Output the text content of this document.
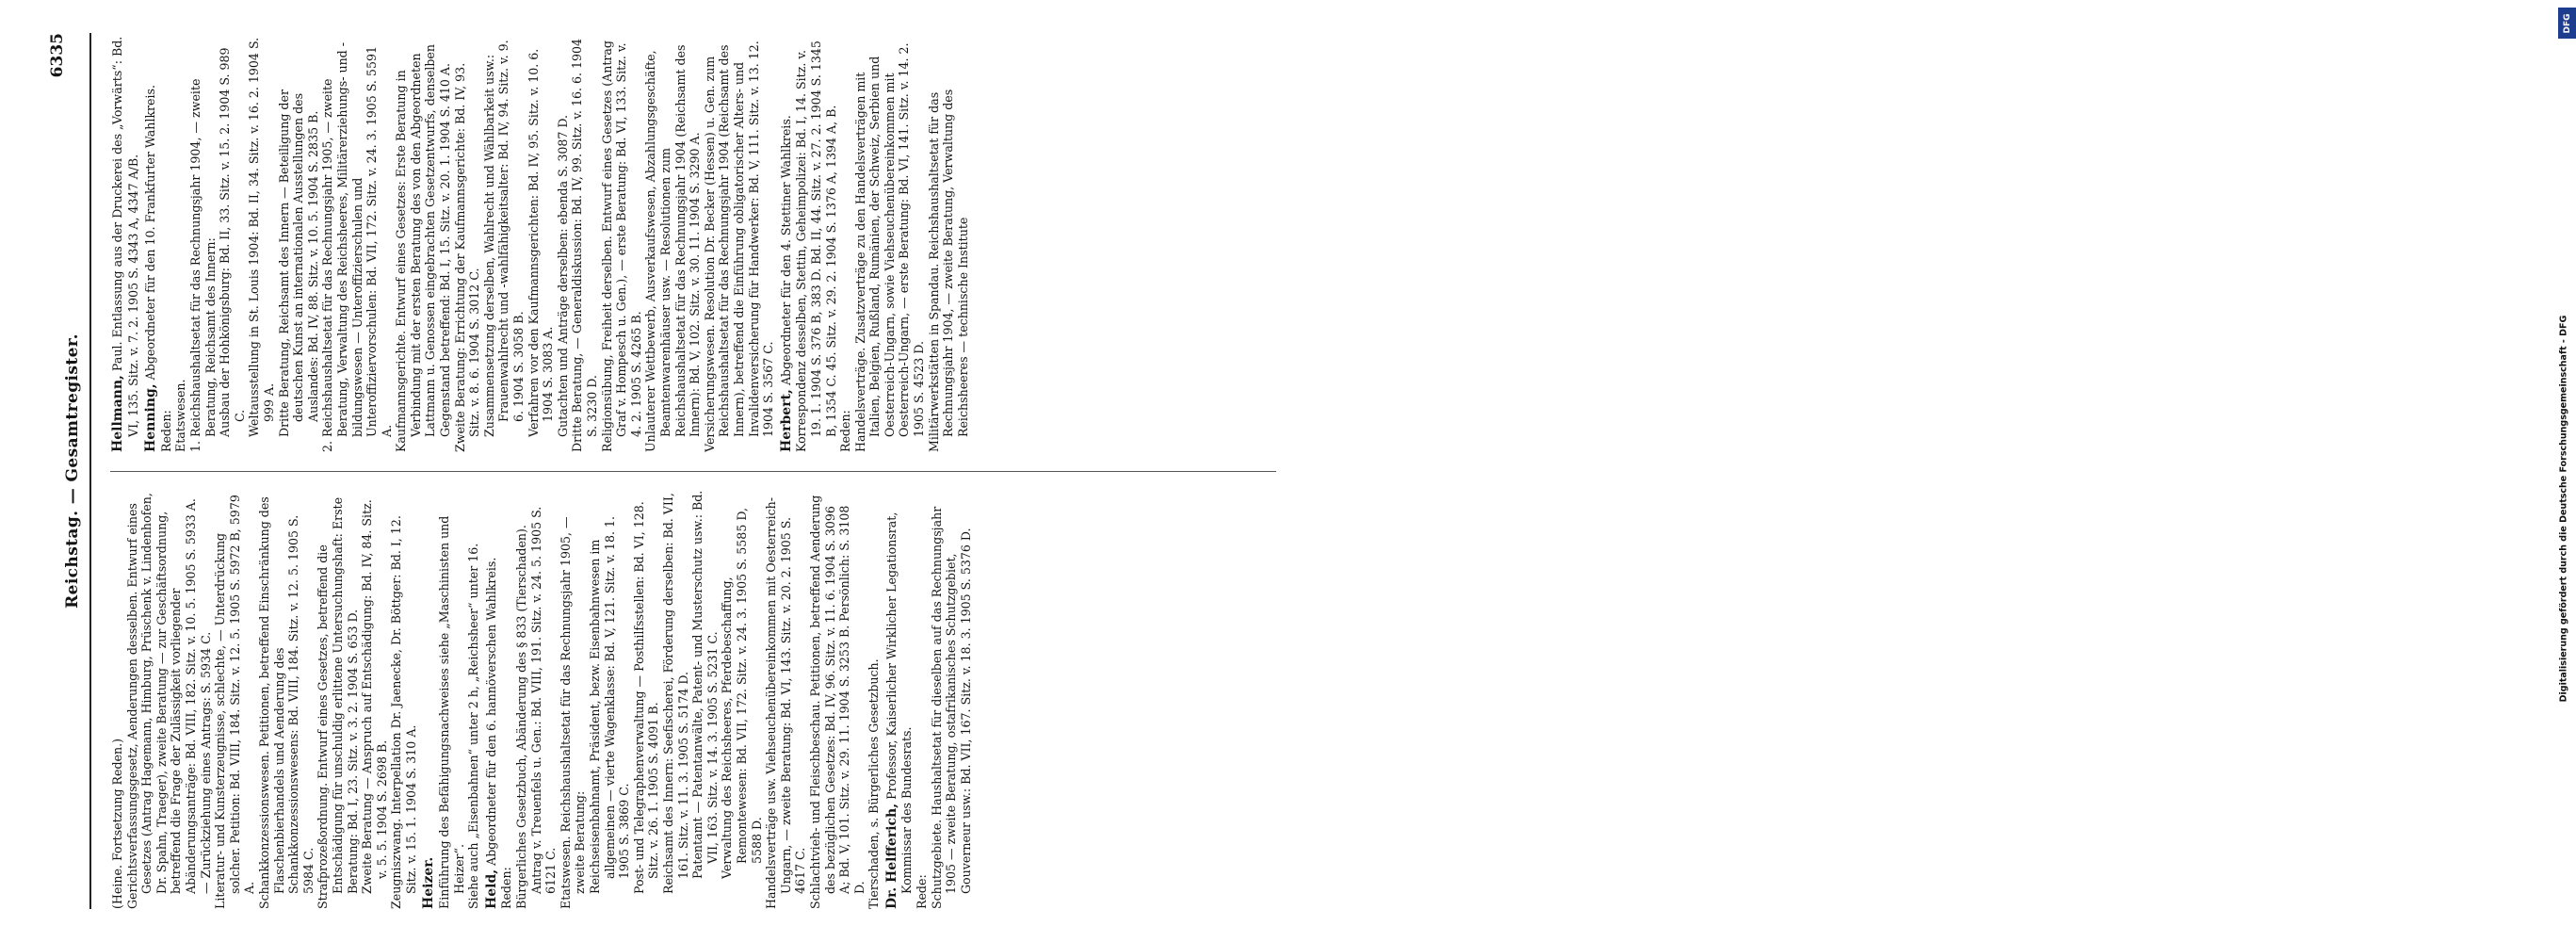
Reichstag. — Gesamtregister.
6335

(Heine. Fortsetzung Reden.) Gerichtsverfassungsgesetz, Aenderungen desselben. Entwurf eines Gesetzes (Antrag Hagemann, Himburg, Prüschenk v. Lindenhofen, Dr. Spahn, Traeger), zweite Beratung — zur Geschäftsordnung, betreffend die Frage der Zulässigkeit vorliegender Abänderungsanträge: Bd. VIII, 182. Sitz. v. 10. 5. 1905 S. 5933 A. — Zurückziehung eines Antrags: S. 5934 C. Literatur- und Kunsterzeugnisse, schlechte, — Unterdrückung solcher. Petition: Bd. VIII, 184. Sitz. v. 12. 5. 1905 S. 5972 B, 5979 A. Schankkonzessionswesen. Petitionen, betreffend Einschränkung des Flaschenbierhandels und Aenderung des Schankkonzessionswesens: Bd. VIII, 184. Sitz. v. 12. 5. 1905 S. 5984 C. Strafprozeßordnung. Entwurf eines Gesetzes, betreffend die Entschädigung für unschuldig erlittene Untersuchungshaft: Erste Beratung: Bd. I, 23. Sitz. v. 3. 2. 1904 S. 653 D. Zweite Beratung — Anspruch auf Entschädigung: Bd. IV, 84. Sitz. v. 5. 5. 1904 S. 2698 B. Zeugniszwang. Interpellation Dr. Jaenecke, Dr. Böttger: Bd. I, 12. Sitz. v. 15. 1. 1904 S. 310 A. Heizer. Einführung des Befähigungsnachweises siehe „Maschinisten und Heizer“. Siehe auch „Eisenbahnen“ unter 2 h, „Reichsheer“ unter 16. Held, Abgeordneter für den 6. hannöverschen Wahlkreis.

Reden: Bürgerliches Gesetzbuch, Abänderung des § 833 (Tierschaden). Antrag v. Treuenfels u. Gen.: Bd. VIII, 191. Sitz. v. 24. 5. 1905 S. 6121 C. Etatswesen. Reichshaushaltsetat für das Rechnungsjahr 1905, — zweite Beratung: Reichseisenbahnamt, Präsident, bezw. Eisenbahnwesen im allgemeinen — vierte Wagenklasse: Bd. V, 121. Sitz. v. 18. 1. 1905 S. 3869 C. Post- und Telegraphenverwaltung — Posthilfsstellen: Bd. VI, 128. Sitz. v. 26. 1. 1905 S. 4091 B. Reichsamt des Innern: Seefischerei, Förderung derselben: Bd. VII, 161. Sitz. v. 11. 3. 1905 S. 5174 D. Patentamt — Patentanwälte, Patent- und Musterschutz usw.: Bd. VII, 163. Sitz. v. 14. 3. 1905 S. 5231 C. Verwaltung des Reichsheeres, Pferdebeschaffung, Remontewesen: Bd. VII, 172. Sitz. v. 24. 3. 1905 S. 5585 D, 5588 D. Handelsverträge usw. Viehseuchenübereinkommen mit Oesterreich-Ungarn, — zweite Beratung: Bd. VI, 143. Sitz. v. 20. 2. 1905 S. 4617 C. Schlachtvieh- und Fleischbeschau. Petitionen, betreffend Aenderung des bezüglichen Gesetzes: Bd. IV, 96. Sitz. v. 11. 6. 1904 S. 3096 A; Bd. V, 101. Sitz. v. 29. 11. 1904 S. 3253 B. Persönlich: S. 3108 D. Tierschaden, s. Bürgerliches Gesetzbuch. Dr. Helfferich, Professor, Kaiserlicher Wirklicher Legationsrat, Kommissar des Bundesrats. Rede: Schutzgebiete. Haushaltsetat für dieselben auf das Rechnungsjahr 1905 — zweite Beratung, ostafrikanisches Schutzgebiet, Gouverneur usw.: Bd. VII, 167. Sitz. v. 18. 3. 1905 S. 5376 D.

Hellmann, Paul. Entlassung aus der Druckerei des „Vorwärts“: Bd. VI, 135. Sitz. v. 7. 2. 1905 S. 4343 A, 4347 A/B. Henning, Abgeordneter für den 10. Frankfurter Wahlkreis.

Reden: Etatswesen. 1. Reichshaushaltsetat für das Rechnungsjahr 1904, — zweite Beratung, Reichsamt des Innern: Ausbau der Hohkönigsburg: Bd. II, 33. Sitz. v. 15. 2. 1904 S. 989 C. Weltausstellung in St. Louis 1904: Bd. II, 34. Sitz. v. 16. 2. 1904 S. 999 A. Dritte Beratung, Reichsamt des Innern — Beteiligung der deutschen Kunst an internationalen Ausstellungen des Auslandes: Bd. IV, 88. Sitz. v. 10. 5. 1904 S. 2835 B. 2. Reichshaushaltsetat für das Rechnungsjahr 1905, — zweite Beratung, Verwaltung des Reichsheeres, Militärerziehungs- und -bildungswesen — Unteroffizierschulen und Unteroffiziervorschulen: Bd. VII, 172. Sitz. v. 24. 3. 1905 S. 5591 A. Kaufmannsgerichte. Entwurf eines Gesetzes: Erste Beratung in Verbindung mit der ersten Beratung des von den Abgeordneten Lattmann u. Genossen eingebrachten Gesetzentwurfs, denselben Gegenstand betreffend: Bd. I, 15. Sitz. v. 20. 1. 1904 S. 410 A. Zweite Beratung: Errichtung der Kaufmannsgerichte: Bd. IV, 93. Sitz. v. 8. 6. 1904 S. 3012 C. Zusammensetzung derselben, Wahlrecht und Wählbarkeit usw.: Frauenwahlrecht und -wahlfähigkeitsalter: Bd. IV, 94. Sitz. v. 9. 6. 1904 S. 3058 B. Verfahren vor den Kaufmannsgerichten: Bd. IV, 95. Sitz. v. 10. 6. 1904 S. 3083 A. Gutachten und Anträge derselben: ebenda S. 3087 D. Dritte Beratung, — Generaldiskussion: Bd. IV, 99. Sitz. v. 16. 6. 1904 S. 3230 D. Religionsübung, Freiheit derselben. Entwurf eines Gesetzes (Antrag Graf v. Hompesch u. Gen.), — erste Beratung: Bd. VI, 133. Sitz. v. 4. 2. 1905 S. 4265 B. Unlauterer Wettbewerb, Ausverkaufswesen, Abzahlungsgeschäfte, Beamtenwarenhäuser usw. — Resolutionen zum Reichshaushaltsetat für das Rechnungsjahr 1904 (Reichsamt des Innern): Bd. V, 102. Sitz. v. 30. 11. 1904 S. 3290 A. Versicherungswesen. Resolution Dr. Becker (Hessen) u. Gen. zum Reichshaushaltsetat für das Rechnungsjahr 1904 (Reichsamt des Innern), betreffend die Einführung obligatorischer Alters- und Invalidenversicherung für Handwerker: Bd. V, 111. Sitz. v. 13. 12. 1904 S. 3567 C. Herbert, Abgeordneter für den 4. Stettiner Wahlkreis. Korrespondenz desselben, Stettin, Geheimpolizei: Bd. I, 14. Sitz. v. 19. 1. 1904 S. 376 B, 383 D. Bd. II, 44. Sitz. v. 27. 2. 1904 S. 1345 B, 1354 C. 45. Sitz. v. 29. 2. 1904 S. 1376 A, 1394 A, B. Reden: Handelsverträge. Zusatzverträge zu den Handelsverträgen mit Italien, Belgien, Rußland, Rumänien, der Schweiz, Serbien und Oesterreich-Ungarn, sowie Viehseuchenübereinkommen mit Oesterreich-Ungarn, — erste Beratung: Bd. VI, 141. Sitz. v. 14. 2. 1905 S. 4523 D. Militärwerkstätten in Spandau. Reichshaushaltsetat für das Rechnungsjahr 1904, — zweite Beratung, Verwaltung des Reichsheeres — technische Institute

DFG
Digitalisierung gefördert durch die Deutsche Forschungsgemeinschaft - DFG
